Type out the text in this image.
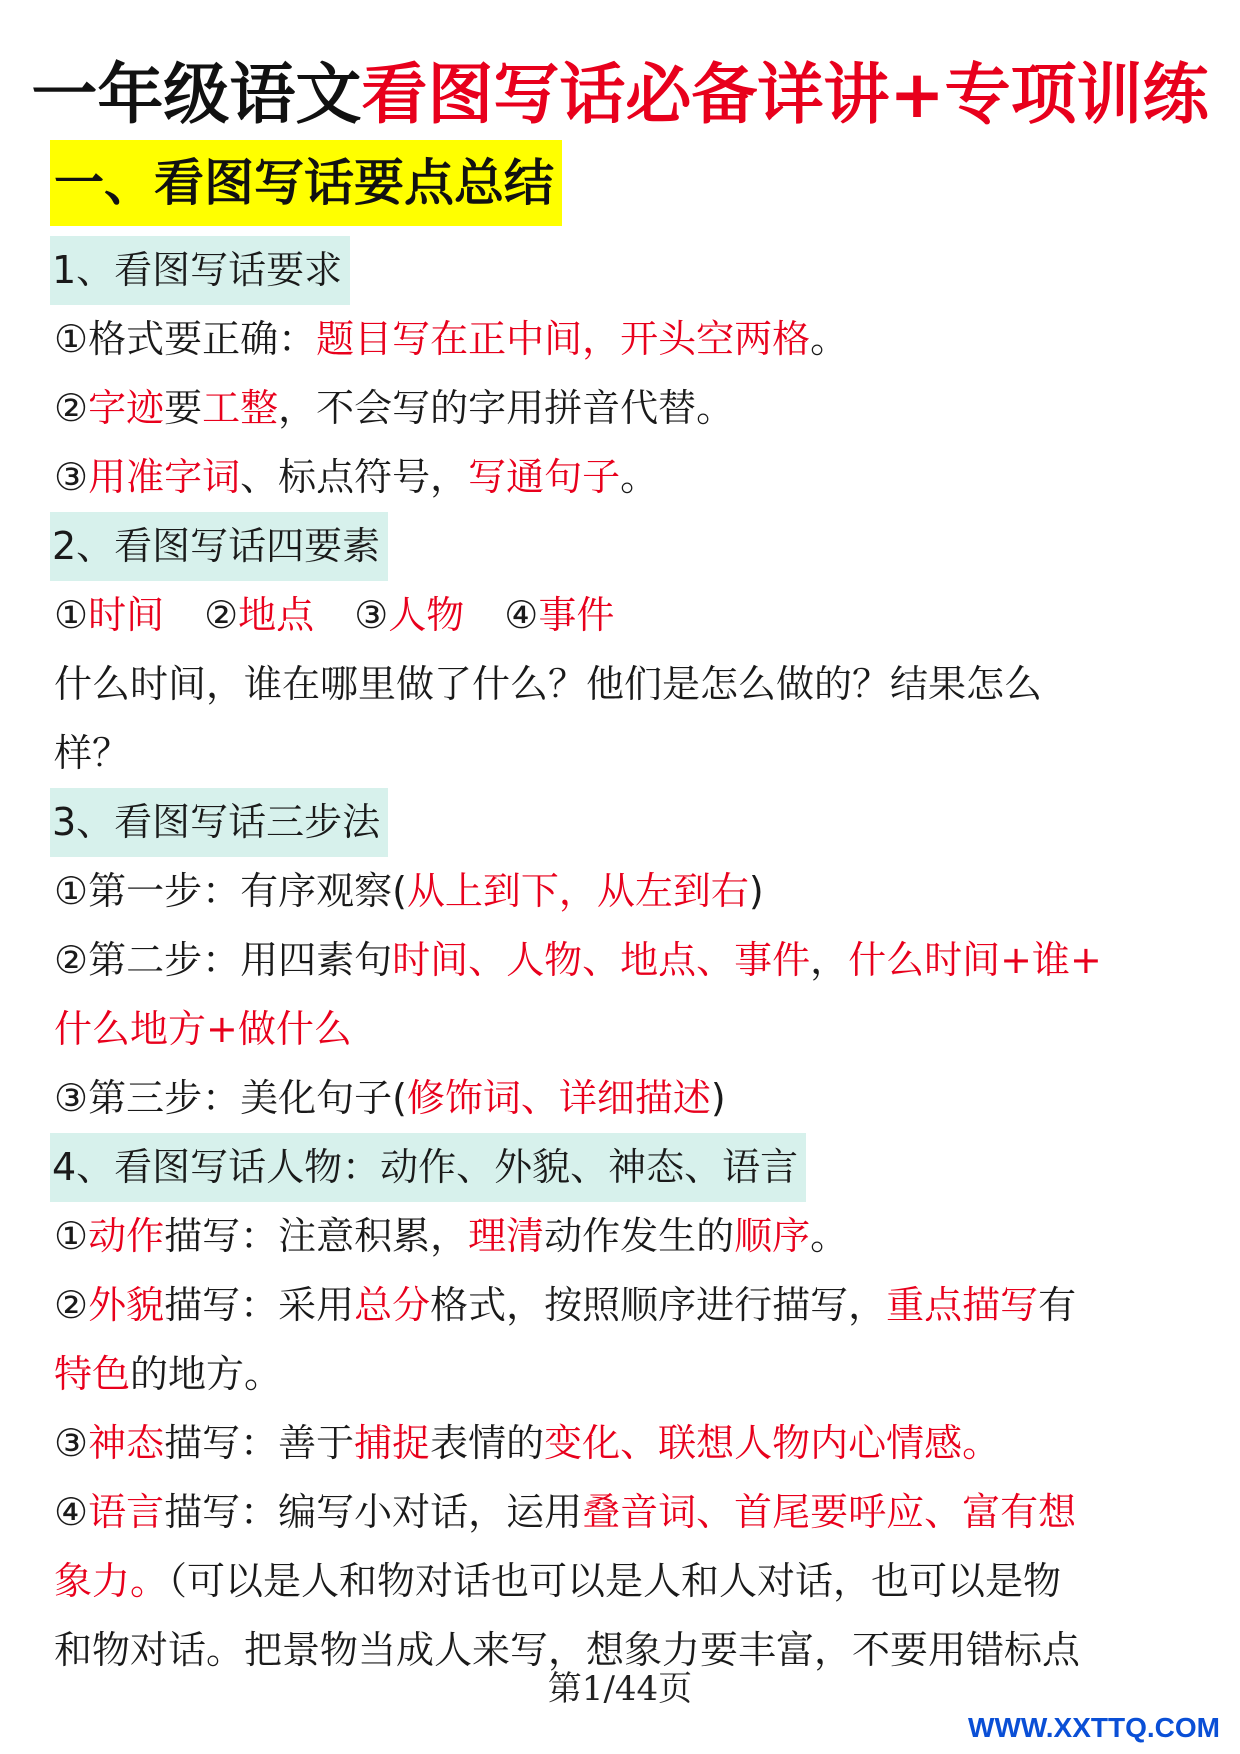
一年级语文看图写话必备详讲+专项训练
一、看图写话要点总结
1、看图写话要求
①格式要正确：题目写在正中间，开头空两格。
②字迹要工整，不会写的字用拼音代替。
③用准字词、标点符号，写通句子。
2、看图写话四要素
①时间 ②地点 ③人物 ④事件
什么时间，谁在哪里做了什么？他们是怎么做的？结果怎么
样？
3、看图写话三步法
①第一步：有序观察(从上到下，从左到右)
②第二步：用四素句时间、人物、地点、事件，什么时间+谁+
什么地方+做什么
③第三步：美化句子(修饰词、详细描述)
4、看图写话人物：动作、外貌、神态、语言
①动作描写：注意积累，理清动作发生的顺序。
②外貌描写：采用总分格式，按照顺序进行描写，重点描写有
特色的地方。
③神态描写：善于捕捉表情的变化、联想人物内心情感。
④语言描写：编写小对话，运用叠音词、首尾要呼应、富有想
象力。（可以是人和物对话也可以是人和人对话，也可以是物
和物对话。把景物当成人来写，想象力要丰富，不要用错标点
第1/44页
WWW.XXTTQ.COM
